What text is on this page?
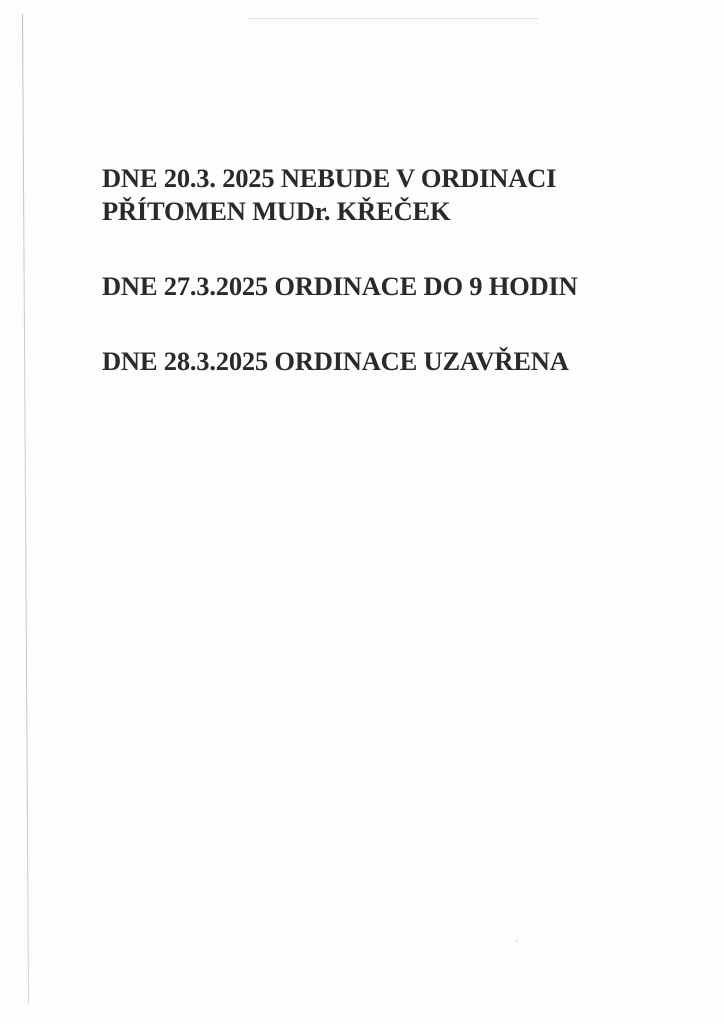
DNE 20.3. 2025 NEBUDE V ORDINACI
PŘÍTOMEN MUDr. KŘEČEK
DNE 27.3.2025 ORDINACE DO 9 HODIN
DNE 28.3.2025 ORDINACE UZAVŘENA
